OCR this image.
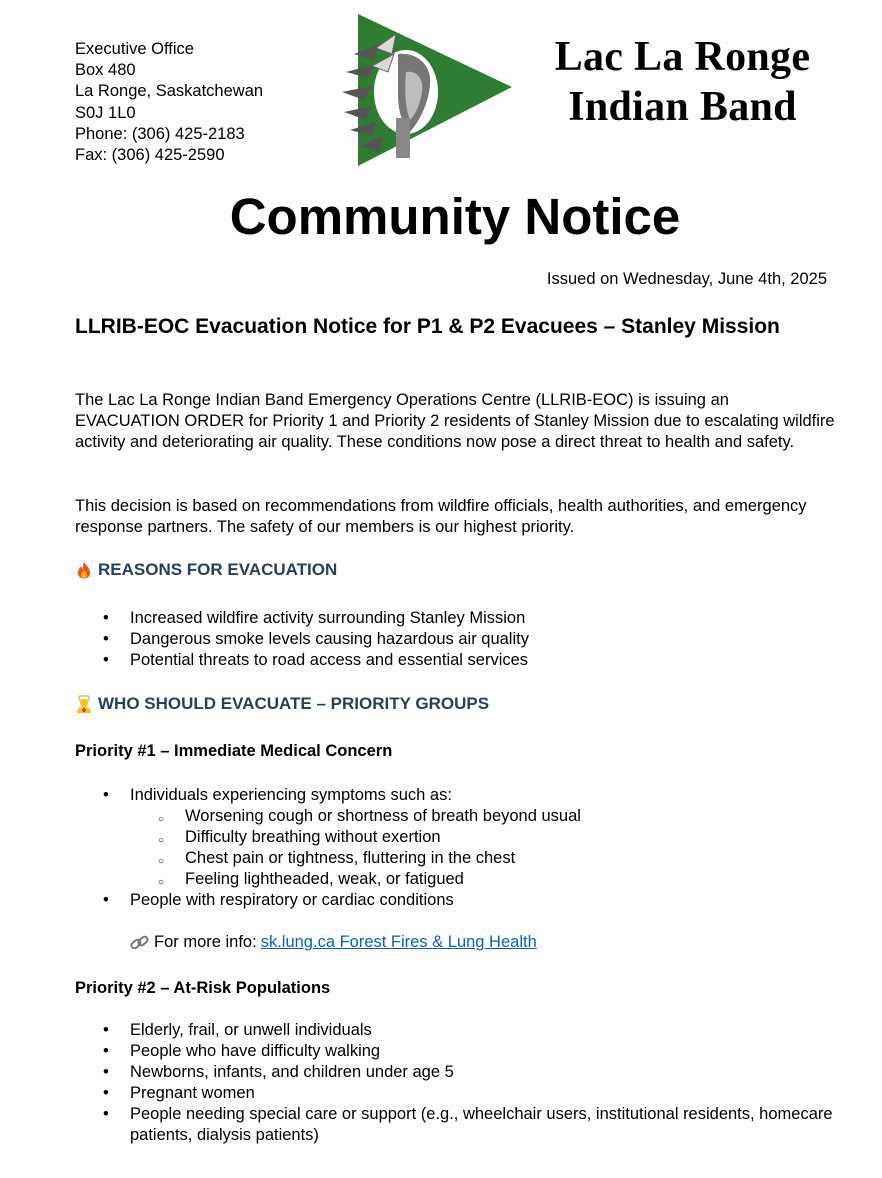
Executive Office
Box 480
La Ronge, Saskatchewan
S0J 1L0
Phone: (306) 425-2183
Fax: (306) 425-2590
Lac La Ronge
Indian Band
Community Notice
Issued on Wednesday, June 4th, 2025
LLRIB-EOC Evacuation Notice for P1 & P2 Evacuees – Stanley Mission
The Lac La Ronge Indian Band Emergency Operations Centre (LLRIB-EOC) is issuing an EVACUATION ORDER for Priority 1 and Priority 2 residents of Stanley Mission due to escalating wildfire activity and deteriorating air quality. These conditions now pose a direct threat to health and safety.
This decision is based on recommendations from wildfire officials, health authorities, and emergency response partners. The safety of our members is our highest priority.
REASONS FOR EVACUATION
• Increased wildfire activity surrounding Stanley Mission
• Dangerous smoke levels causing hazardous air quality
• Potential threats to road access and essential services
WHO SHOULD EVACUATE – PRIORITY GROUPS
Priority #1 – Immediate Medical Concern
• Individuals experiencing symptoms such as:
○ Worsening cough or shortness of breath beyond usual
○ Difficulty breathing without exertion
○ Chest pain or tightness, fluttering in the chest
○ Feeling lightheaded, weak, or fatigued
• People with respiratory or cardiac conditions
For more info: sk.lung.ca Forest Fires & Lung Health
Priority #2 – At-Risk Populations
• Elderly, frail, or unwell individuals
• People who have difficulty walking
• Newborns, infants, and children under age 5
• Pregnant women
• People needing special care or support (e.g., wheelchair users, institutional residents, homecare patients, dialysis patients)
